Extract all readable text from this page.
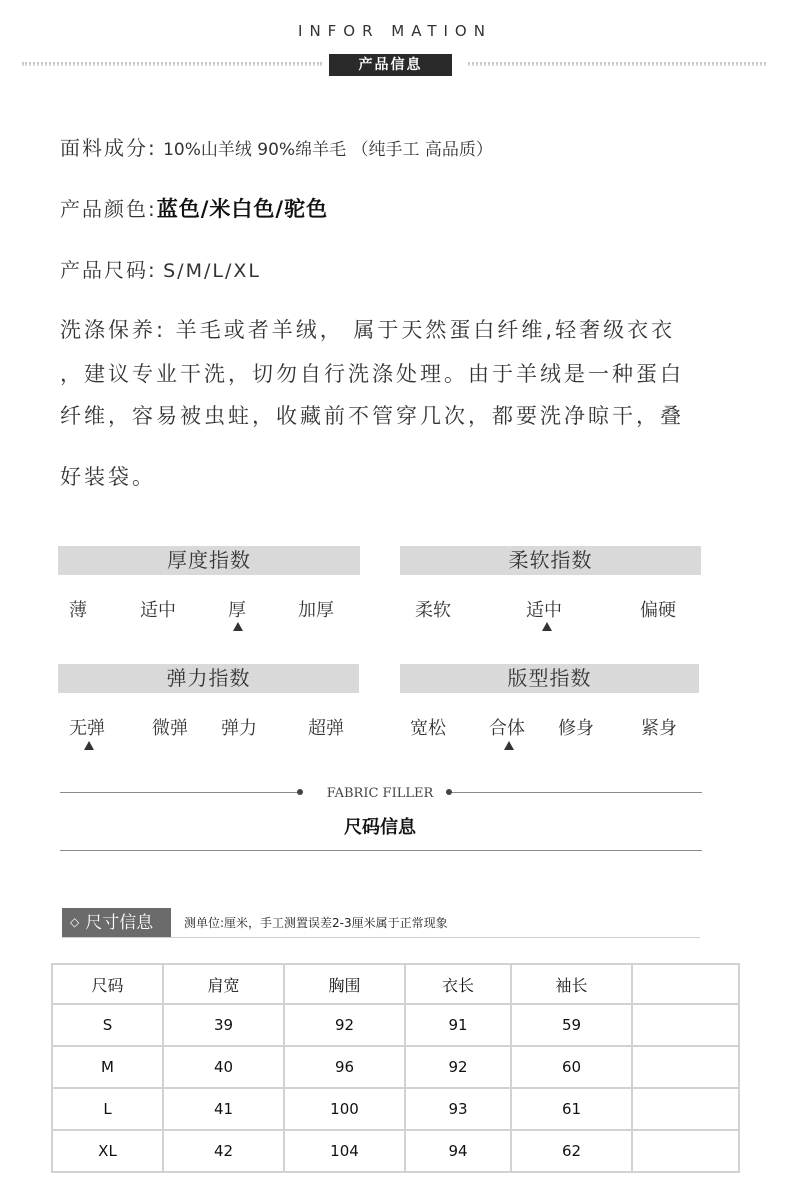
INFOR MATION
产品信息
面料成分: 10%山羊绒 90%绵羊毛 （纯手工 高品质）
产品颜色:蓝色/米白色/驼色
产品尺码: S/M/L/XL
洗涤保养: 羊毛或者羊绒， 属于天然蛋白纤维,轻奢级衣衣
，建议专业干洗，切勿自行洗涤处理。由于羊绒是一种蛋白
纤维，容易被虫蛀，收藏前不管穿几次，都要洗净晾干，叠
好装袋。
厚度指数
薄	适中	厚	加厚
柔软指数
柔软	适中	偏硬
弹力指数
无弹	微弹 弹力	超弹
版型指数
宽松 合体 修身	紧身
FABRIC FILLER
尺码信息
◇ 尺寸信息	测单位:厘米，手工测置误差2-3厘米属于正常现象
尺码	肩宽	胸围	衣长	袖长	
S	39	92	91	59	
M	40	96	92	60	
L	41	100	93	61	
XL	42	104	94	62	
